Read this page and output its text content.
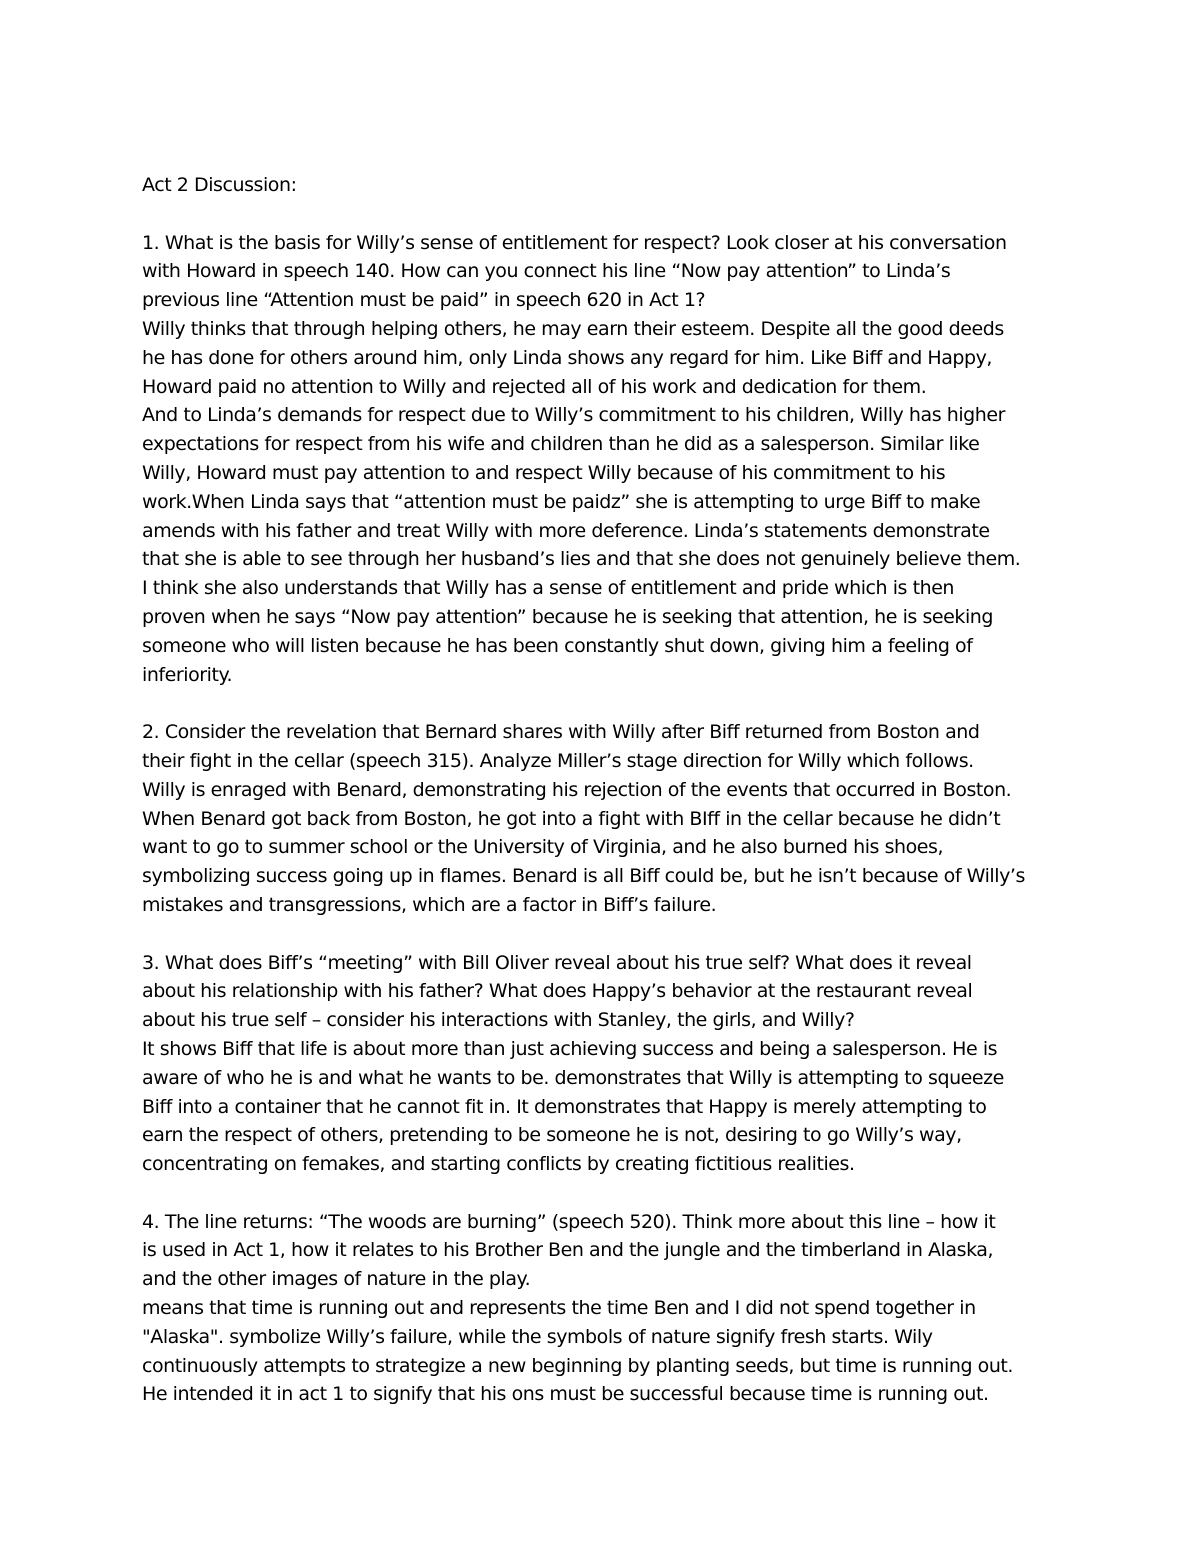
Act 2 Discussion:

1. What is the basis for Willy’s sense of entitlement for respect? Look closer at his conversation
with Howard in speech 140. How can you connect his line “Now pay attention” to Linda’s
previous line “Attention must be paid” in speech 620 in Act 1?

Willy thinks that through helping others, he may earn their esteem. Despite all the good deeds
he has done for others around him, only Linda shows any regard for him. Like Biff and Happy,
Howard paid no attention to Willy and rejected all of his work and dedication for them.
And to Linda’s demands for respect due to Willy’s commitment to his children, Willy has higher
expectations for respect from his wife and children than he did as a salesperson. Similar like
Willy, Howard must pay attention to and respect Willy because of his commitment to his
work.When Linda says that “attention must be paidz” she is attempting to urge Biff to make
amends with his father and treat Willy with more deference. Linda’s statements demonstrate
that she is able to see through her husband’s lies and that she does not genuinely believe them.
I think she also understands that Willy has a sense of entitlement and pride which is then
proven when he says “Now pay attention” because he is seeking that attention, he is seeking
someone who will listen because he has been constantly shut down, giving him a feeling of
inferiority.

2. Consider the revelation that Bernard shares with Willy after Biff returned from Boston and
their fight in the cellar (speech 315). Analyze Miller’s stage direction for Willy which follows.

Willy is enraged with Benard, demonstrating his rejection of the events that occurred in Boston.
When Benard got back from Boston, he got into a fight with BIff in the cellar because he didn’t
want to go to summer school or the University of Virginia, and he also burned his shoes,
symbolizing success going up in flames. Benard is all Biff could be, but he isn’t because of Willy’s
mistakes and transgressions, which are a factor in Biff’s failure.

3. What does Biff’s “meeting” with Bill Oliver reveal about his true self? What does it reveal
about his relationship with his father? What does Happy’s behavior at the restaurant reveal
about his true self – consider his interactions with Stanley, the girls, and Willy?

It shows Biff that life is about more than just achieving success and being a salesperson. He is
aware of who he is and what he wants to be. demonstrates that Willy is attempting to squeeze
Biff into a container that he cannot fit in. It demonstrates that Happy is merely attempting to
earn the respect of others, pretending to be someone he is not, desiring to go Willy’s way,
concentrating on femakes, and starting conflicts by creating fictitious realities.

4. The line returns: “The woods are burning” (speech 520). Think more about this line – how it
is used in Act 1, how it relates to his Brother Ben and the jungle and the timberland in Alaska,
and the other images of nature in the play.

means that time is running out and represents the time Ben and I did not spend together in
"Alaska". symbolize Willy’s failure, while the symbols of nature signify fresh starts. Wily
continuously attempts to strategize a new beginning by planting seeds, but time is running out.
He intended it in act 1 to signify that his ons must be successful because time is running out.
